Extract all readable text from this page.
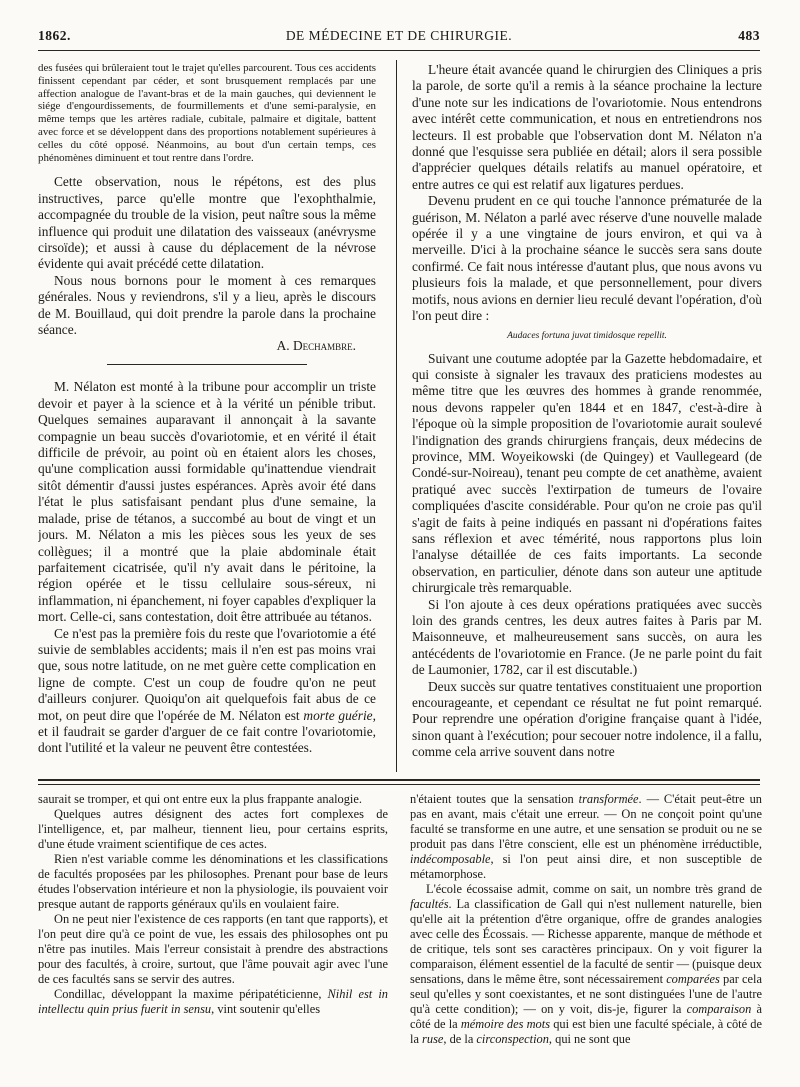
1862.	DE MÉDECINE ET DE CHIRURGIE.	483

des fusées qui brûleraient tout le trajet qu'elles parcourent. Tous ces accidents finissent cependant par céder, et sont brusquement remplacés par une affection analogue de l'avant-bras et de la main gauches, qui deviennent le siége d'engourdissements, de fourmillements et d'une semi-paralysie, en même temps que les artères radiale, cubitale, palmaire et digitale, battent avec force et se développent dans des proportions notablement supérieures à celles du côté opposé. Néanmoins, au bout d'un certain temps, ces phénomènes diminuent et tout rentre dans l'ordre.

Cette observation, nous le répétons, est des plus instructives, parce qu'elle montre que l'exophthalmie, accompagnée du trouble de la vision, peut naître sous la même influence qui produit une dilatation des vaisseaux (anévrysme cirsoïde); et aussi à cause du déplacement de la névrose évidente qui avait précédé cette dilatation.

Nous nous bornons pour le moment à ces remarques générales. Nous y reviendrons, s'il y a lieu, après le discours de M. Bouillaud, qui doit prendre la parole dans la prochaine séance.

A. Dechambre.

M. Nélaton est monté à la tribune pour accomplir un triste devoir et payer à la science et à la vérité un pénible tribut. Quelques semaines auparavant il annonçait à la savante compagnie un beau succès d'ovariotomie, et en vérité il était difficile de prévoir, au point où en étaient alors les choses, qu'une complication aussi formidable qu'inattendue viendrait sitôt démentir d'aussi justes espérances. Après avoir été dans l'état le plus satisfaisant pendant plus d'une semaine, la malade, prise de tétanos, a succombé au bout de vingt et un jours. M. Nélaton a mis les pièces sous les yeux de ses collègues; il a montré que la plaie abdominale était parfaitement cicatrisée, qu'il n'y avait dans le péritoine, la région opérée et le tissu cellulaire sous-séreux, ni inflammation, ni épanchement, ni foyer capables d'expliquer la mort. Celle-ci, sans contestation, doit être attribuée au tétanos.

Ce n'est pas la première fois du reste que l'ovariotomie a été suivie de semblables accidents; mais il n'en est pas moins vrai que, sous notre latitude, on ne met guère cette complication en ligne de compte. C'est un coup de foudre qu'on ne peut d'ailleurs conjurer. Quoiqu'on ait quelquefois fait abus de ce mot, on peut dire que l'opérée de M. Nélaton est morte guérie, et il faudrait se garder d'arguer de ce fait contre l'ovariotomie, dont l'utilité et la valeur ne peuvent être contestées.

L'heure était avancée quand le chirurgien des Cliniques a pris la parole, de sorte qu'il a remis à la séance prochaine la lecture d'une note sur les indications de l'ovariotomie. Nous entendrons avec intérêt cette communication, et nous en entretiendrons nos lecteurs. Il est probable que l'observation dont M. Nélaton n'a donné que l'esquisse sera publiée en détail; alors il sera possible d'apprécier quelques détails relatifs au manuel opératoire, et entre autres ce qui est relatif aux ligatures perdues.

Devenu prudent en ce qui touche l'annonce prématurée de la guérison, M. Nélaton a parlé avec réserve d'une nouvelle malade opérée il y a une vingtaine de jours environ, et qui va à merveille. D'ici à la prochaine séance le succès sera sans doute confirmé. Ce fait nous intéresse d'autant plus, que nous avons vu plusieurs fois la malade, et que personnellement, pour divers motifs, nous avions en dernier lieu reculé devant l'opération, d'où l'on peut dire :

Audaces fortuna juvat timidosque repellit.

Suivant une coutume adoptée par la Gazette hebdomadaire, et qui consiste à signaler les travaux des praticiens modestes au même titre que les œuvres des hommes à grande renommée, nous devons rappeler qu'en 1844 et en 1847, c'est-à-dire à l'époque où la simple proposition de l'ovariotomie aurait soulevé l'indignation des grands chirurgiens français, deux médecins de province, MM. Woyeikowski (de Quingey) et Vaullegeard (de Condé-sur-Noireau), tenant peu compte de cet anathème, avaient pratiqué avec succès l'extirpation de tumeurs de l'ovaire compliquées d'ascite considérable. Pour qu'on ne croie pas qu'il s'agit de faits à peine indiqués en passant ni d'opérations faites sans réflexion et avec témérité, nous rapportons plus loin l'analyse détaillée de ces faits importants. La seconde observation, en particulier, dénote dans son auteur une aptitude chirurgicale très remarquable.

Si l'on ajoute à ces deux opérations pratiquées avec succès loin des grands centres, les deux autres faites à Paris par M. Maisonneuve, et malheureusement sans succès, on aura les antécédents de l'ovariotomie en France. (Je ne parle point du fait de Laumonier, 1782, car il est discutable.)

Deux succès sur quatre tentatives constituaient une proportion encourageante, et cependant ce résultat ne fut point remarqué. Pour reprendre une opération d'origine française quant à l'idée, sinon quant à l'exécution; pour secouer notre indolence, il a fallu, comme cela arrive souvent dans notre

saurait se tromper, et qui ont entre eux la plus frappante analogie.

Quelques autres désignent des actes fort complexes de l'intelligence, et, par malheur, tiennent lieu, pour certains esprits, d'une étude vraiment scientifique de ces actes.

Rien n'est variable comme les dénominations et les classifications de facultés proposées par les philosophes. Prenant pour base de leurs études l'observation intérieure et non la physiologie, ils pouvaient voir presque autant de rapports généraux qu'ils en voulaient faire.

On ne peut nier l'existence de ces rapports (en tant que rapports), et l'on peut dire qu'à ce point de vue, les essais des philosophes ont pu n'être pas inutiles. Mais l'erreur consistait à prendre des abstractions pour des facultés, à croire, surtout, que l'âme pouvait agir avec l'une de ces facultés sans se servir des autres.

Condillac, développant la maxime péripatéticienne, Nihil est in intellectu quin prius fuerit in sensu, vint soutenir qu'elles

n'étaient toutes que la sensation transformée. — C'était peut-être un pas en avant, mais c'était une erreur. — On ne conçoit point qu'une faculté se transforme en une autre, et une sensation se produit ou ne se produit pas dans l'être conscient, elle est un phénomène irréductible, indécomposable, si l'on peut ainsi dire, et non susceptible de métamorphose.

L'école écossaise admit, comme on sait, un nombre très grand de facultés. La classification de Gall qui n'est nullement naturelle, bien qu'elle ait la prétention d'être organique, offre de grandes analogies avec celle des Écossais. — Richesse apparente, manque de méthode et de critique, tels sont ses caractères principaux. On y voit figurer la comparaison, élément essentiel de la faculté de sentir — (puisque deux sensations, dans le même être, sont nécessairement comparées par cela seul qu'elles y sont coexistantes, et ne sont distinguées l'une de l'autre qu'à cette condition); — on y voit, dis-je, figurer la comparaison à côté de la mémoire des mots qui est bien une faculté spéciale, à côté de la ruse, de la circonspection, qui ne sont que
